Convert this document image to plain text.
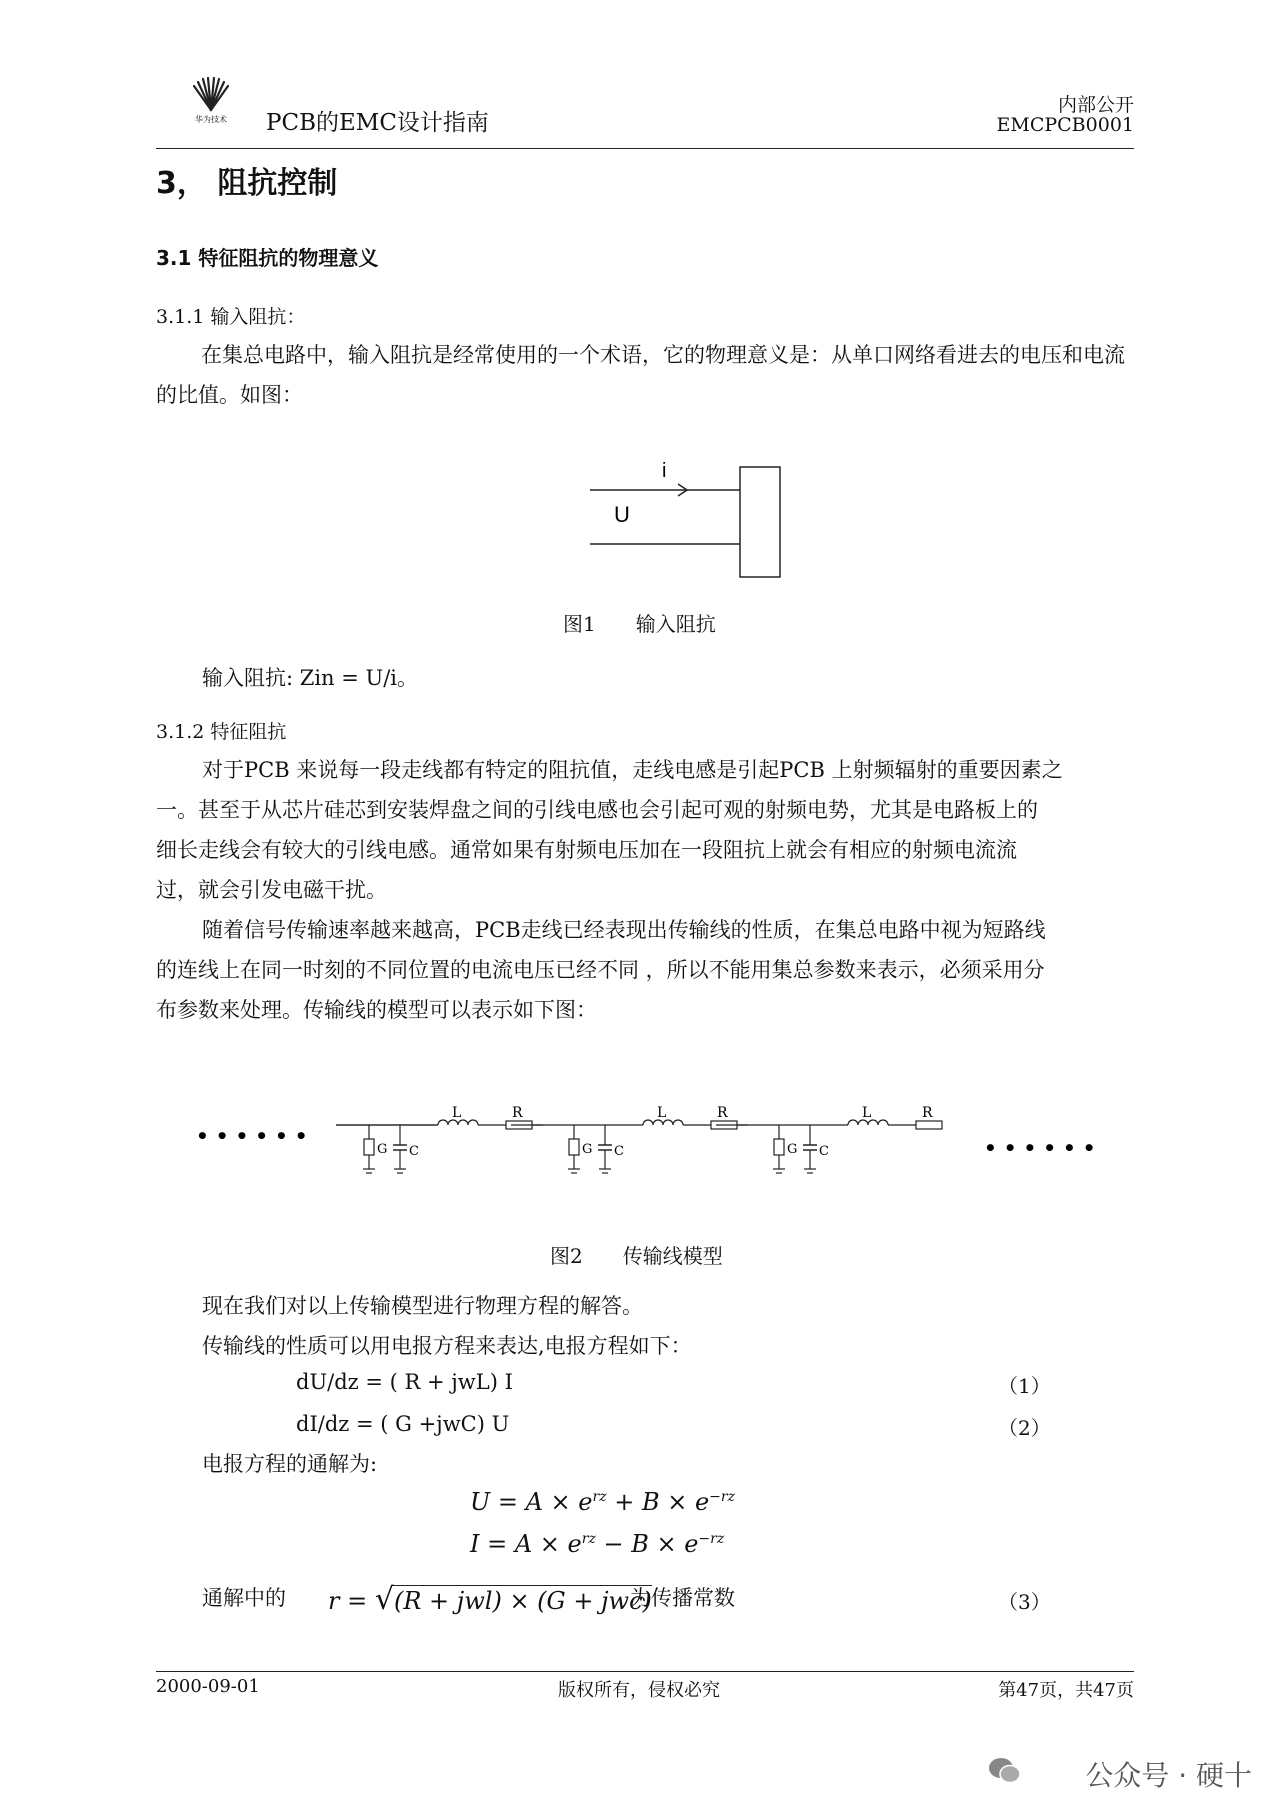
华为技术	PCB的EMC设计指南
内部公开
EMCPCB0001
3， 阻抗控制
3.1 特征阻抗的物理意义
3.1.1 输入阻抗：
在集总电路中，输入阻抗是经常使用的一个术语，它的物理意义是：从单口网络看进去的电压和电流的比值。如图：
i
U
图1　　输入阻抗
输入阻抗: Zin = U/i。
3.1.2 特征阻抗
对于PCB 来说每一段走线都有特定的阻抗值，走线电感是引起PCB 上射频辐射的重要因素之
一。甚至于从芯片硅芯到安装焊盘之间的引线电感也会引起可观的射频电势，尤其是电路板上的
细长走线会有较大的引线电感。通常如果有射频电压加在一段阻抗上就会有相应的射频电流流
过，就会引发电磁干扰。
随着信号传输速率越来越高，PCB走线已经表现出传输线的性质，在集总电路中视为短路线
的连线上在同一时刻的不同位置的电流电压已经不同 ，所以不能用集总参数来表示，必须采用分
布参数来处理。传输线的模型可以表示如下图：
• • • • • •
G C
L	R
G C
L	R
G C
L	R
• • • • • •
图2　　传输线模型
现在我们对以上传输模型进行物理方程的解答。
传输线的性质可以用电报方程来表达,电报方程如下：
dU/dz = ( R + jwL) I	（1）
dI/dz = ( G +jwC) U	（2）
电报方程的通解为:
$U = A \times e^{rz} + B \times e^{-rz}$
$I = A \times e^{rz} - B \times e^{-rz}$
通解中的 r = √(R + jwl) × (G + jwc)
为传播常数	（3）
2000-09-01	版权所有，侵权必究	第47页，共47页
公众号 · 硬十
